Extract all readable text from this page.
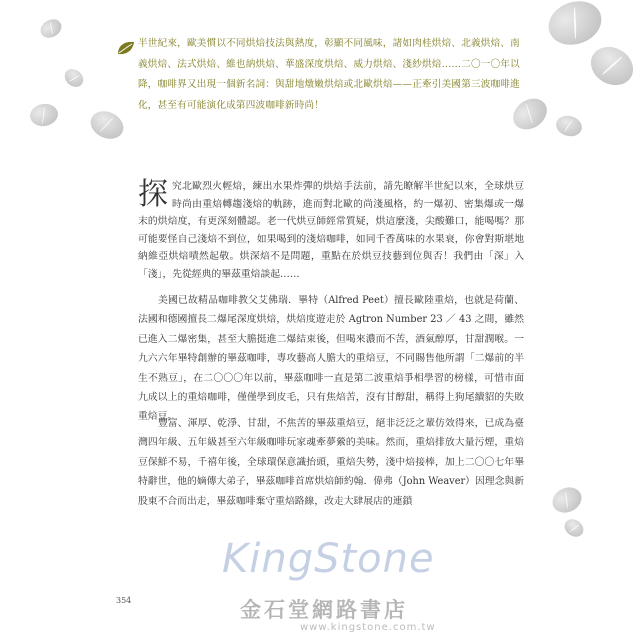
半世紀來，歐美慣以不同烘焙技法與熱度，彰顯不同風味，諸如肉桂烘焙、北義烘焙、南義烘焙、法式烘焙、維也納烘焙、華盛深度烘焙、威力烘焙、淺紗烘焙……二〇一〇年以降，咖啡界又出現一個新名詞：與甜地燉嫩烘焙或北歐烘焙——正牽引美國第三波咖啡進化，甚至有可能演化成第四波咖啡新時尚！
探究北歐烈火輕焙，練出水果炸彈的烘焙手法前，請先瞭解半世紀以來，全球烘豆時尚由重焙轉趨淺焙的軌跡，進而對北歐的尚淺風格，約一爆初、密集爆或一爆末的烘焙度，有更深刻體認。老一代烘豆師經常質疑，烘這麼淺，尖酸難口，能喝嗎？那可能要怪自己淺焙不到位，如果喝到的淺焙咖啡，如同千香萬味的水果衰，你會對斯堪地納維亞烘焙嘖然起敬。烘深焙不是問題，重點在於烘豆技藝到位與否！我們由「深」入「淺」，先從經典的畢茲重焙談起……
美國已故精品咖啡教父艾佛瑞．畢特（Alfred Peet）擅長歐陸重焙，也就是荷蘭、法國和德國擅長二爆尾深度烘焙，烘焙度遊走於 Agtron Number 23 ／ 43 之間，雖然已進入二爆密集，甚至大膽挺進二爆結束後，但喝來濃而不苦，酒氣醇厚，甘甜潤喉。一九六六年畢特創辦的畢茲咖啡，專攻藝高人膽大的重焙豆，不同賜售他所謂「二爆前的半生不熟豆」，在二〇〇〇年以前，畢茲咖啡一直是第二波重焙爭相學習的榜樣，可惜市面九成以上的重焙咖啡，僅僅學到皮毛，只有焦焙苦，沒有甘醇甜，稱得上狗尾續貂的失敗重焙豆。
豐富、渾厚、乾淨、甘甜，不焦苦的畢茲重焙豆，絕非泛泛之輩仿效得來，已成為臺灣四年級、五年級甚至六年級咖啡玩家魂牽夢縈的美味。然而，重焙排放大量污煙，重焙豆保鮮不易，千禧年後，全球環保意識抬頭，重焙失勢，淺中焙接棒，加上二〇〇七年畢特辭世，他的嫡傳大弟子，畢茲咖啡首席烘焙師約翰．偉弗（John Weaver）因理念與新股東不合而出走，畢茲咖啡棄守重焙路線，改走大肆展店的連鎖
354
KingStone
金石堂網路書店
www.kingstone.com.tw
